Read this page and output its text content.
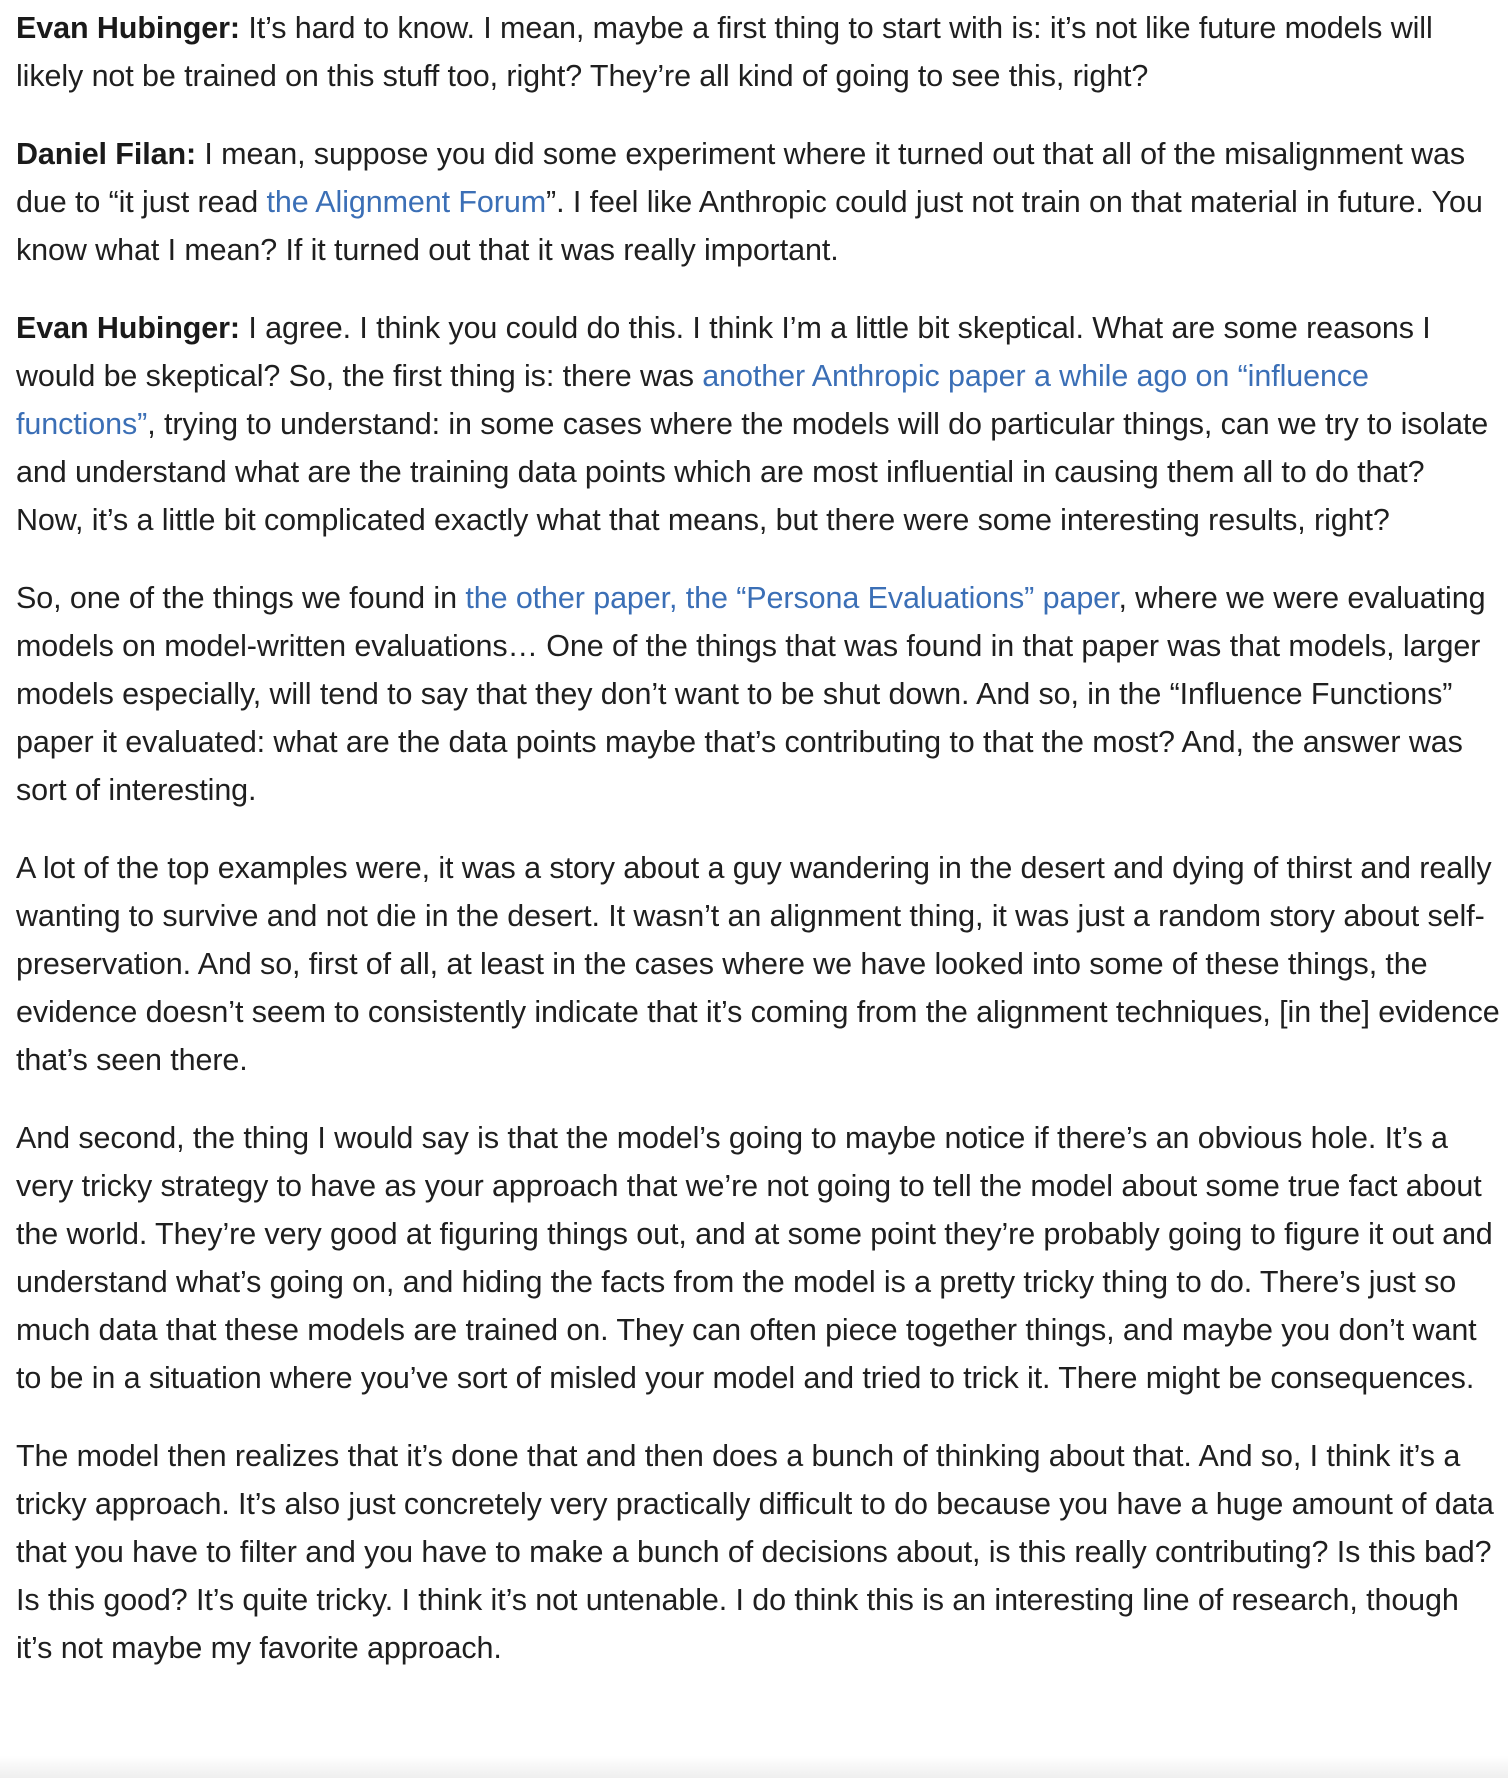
Evan Hubinger: It’s hard to know. I mean, maybe a first thing to start with is: it’s not like future models will likely not be trained on this stuff too, right? They’re all kind of going to see this, right?

Daniel Filan: I mean, suppose you did some experiment where it turned out that all of the misalignment was due to “it just read the Alignment Forum”. I feel like Anthropic could just not train on that material in future. You know what I mean? If it turned out that it was really important.

Evan Hubinger: I agree. I think you could do this. I think I’m a little bit skeptical. What are some reasons I would be skeptical? So, the first thing is: there was another Anthropic paper a while ago on “influence functions”, trying to understand: in some cases where the models will do particular things, can we try to isolate and understand what are the training data points which are most influential in causing them all to do that? Now, it’s a little bit complicated exactly what that means, but there were some interesting results, right?

So, one of the things we found in the other paper, the “Persona Evaluations” paper, where we were evaluating models on model-written evaluations… One of the things that was found in that paper was that models, larger models especially, will tend to say that they don’t want to be shut down. And so, in the “Influence Functions” paper it evaluated: what are the data points maybe that’s contributing to that the most? And, the answer was sort of interesting.

A lot of the top examples were, it was a story about a guy wandering in the desert and dying of thirst and really wanting to survive and not die in the desert. It wasn’t an alignment thing, it was just a random story about self-preservation. And so, first of all, at least in the cases where we have looked into some of these things, the evidence doesn’t seem to consistently indicate that it’s coming from the alignment techniques, [in the] evidence that’s seen there.

And second, the thing I would say is that the model’s going to maybe notice if there’s an obvious hole. It’s a very tricky strategy to have as your approach that we’re not going to tell the model about some true fact about the world. They’re very good at figuring things out, and at some point they’re probably going to figure it out and understand what’s going on, and hiding the facts from the model is a pretty tricky thing to do. There’s just so much data that these models are trained on. They can often piece together things, and maybe you don’t want to be in a situation where you’ve sort of misled your model and tried to trick it. There might be consequences.

The model then realizes that it’s done that and then does a bunch of thinking about that. And so, I think it’s a tricky approach. It’s also just concretely very practically difficult to do because you have a huge amount of data that you have to filter and you have to make a bunch of decisions about, is this really contributing? Is this bad? Is this good? It’s quite tricky. I think it’s not untenable. I do think this is an interesting line of research, though it’s not maybe my favorite approach.
